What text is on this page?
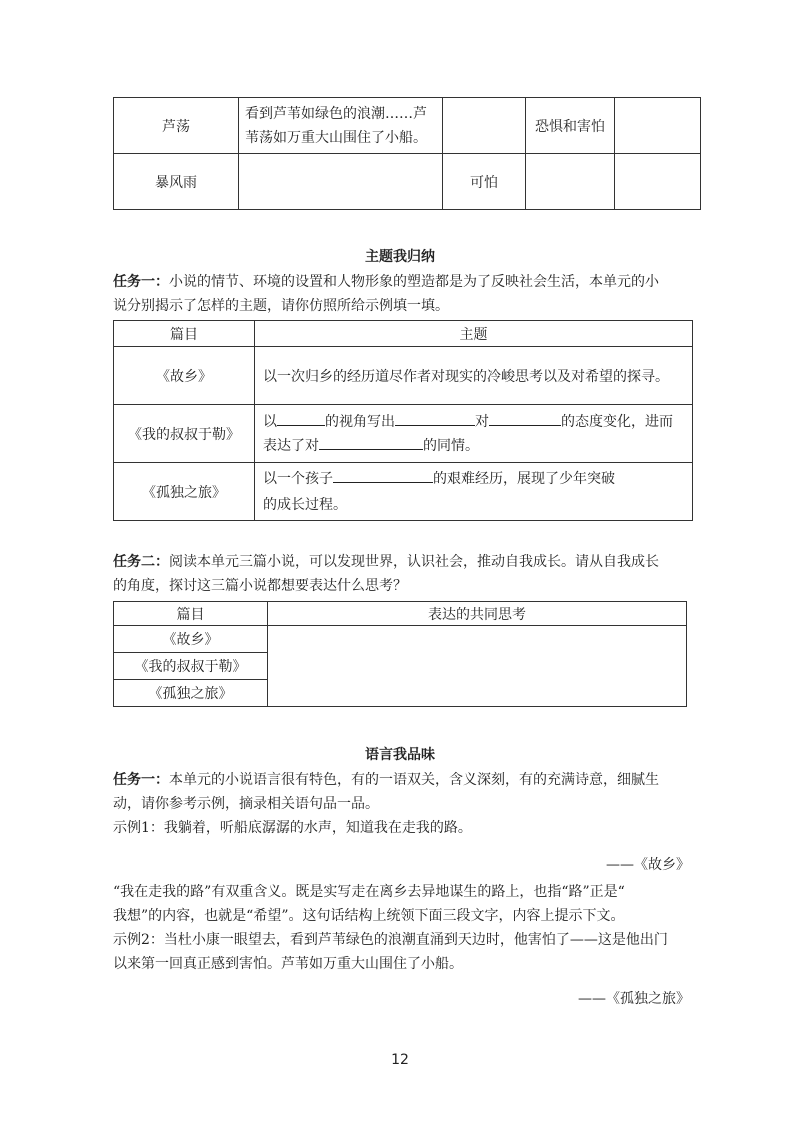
芦荡	看到芦苇如绿色的浪潮……芦
苇荡如万重大山围住了小船。		恐惧和害怕	
暴风雨		可怕		
主题我归纳
任务一：小说的情节、环境的设置和人物形象的塑造都是为了反映社会生活，本单元的小
说分别揭示了怎样的主题，请你仿照所给示例填一填。
篇目	主题
《故乡》	以一次归乡的经历道尽作者对现实的冷峻思考以及对希望的探寻。
《我的叔叔于勒》	以 的视角写出 对 的态度变化，进而
表达了对 的同情。
《孤独之旅》	以一个孩子 的艰难经历，展现了少年突破
的成长过程。
任务二：阅读本单元三篇小说，可以发现世界，认识社会，推动自我成长。请从自我成长
的角度，探讨这三篇小说都想要表达什么思考？
篇目	表达的共同思考
《故乡》	
《我的叔叔于勒》	
《孤独之旅》	
语言我品味
任务一：本单元的小说语言很有特色，有的一语双关，含义深刻，有的充满诗意，细腻生
动，请你参考示例，摘录相关语句品一品。
示例1：我躺着，听船底潺潺的水声，知道我在走我的路。
——《故乡》
“我在走我的路”有双重含义。既是实写走在离乡去异地谋生的路上，也指“路”正是“
我想”的内容，也就是“希望”。这句话结构上统领下面三段文字，内容上提示下文。
示例2：当杜小康一眼望去，看到芦苇绿色的浪潮直涌到天边时，他害怕了——这是他出门
以来第一回真正感到害怕。芦苇如万重大山围住了小船。
——《孤独之旅》
12
